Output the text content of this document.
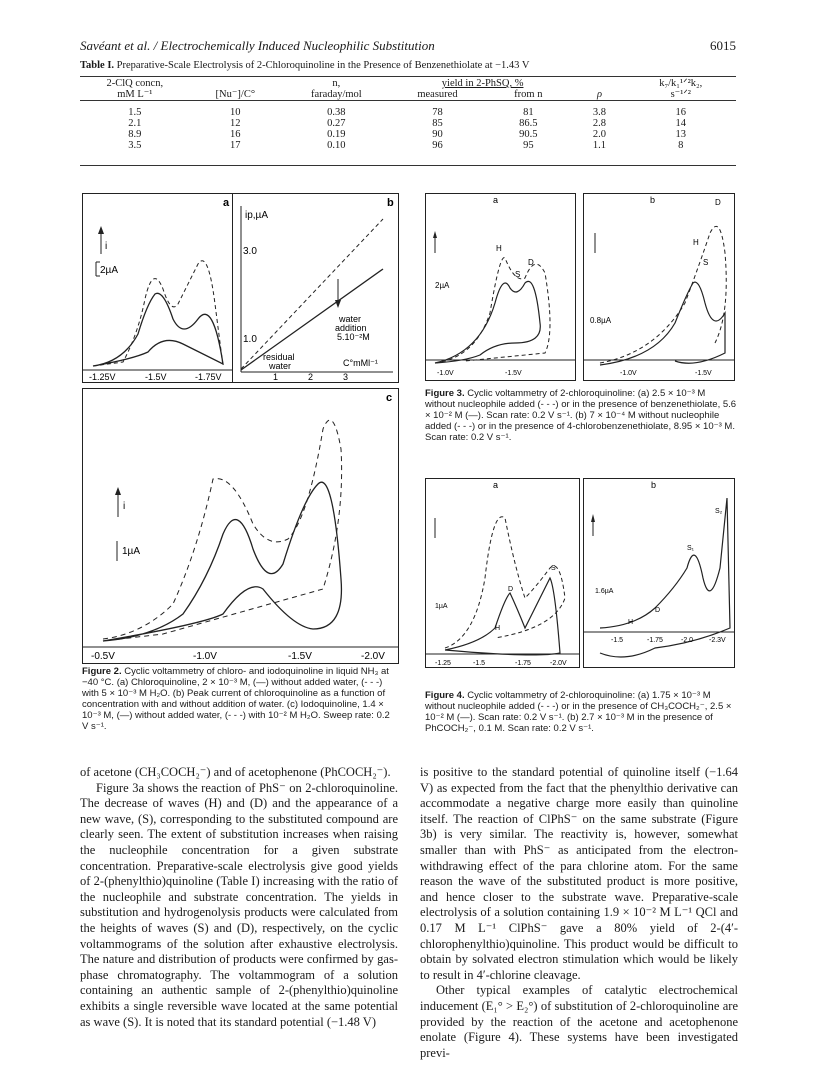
Savéant et al. / Electrochemically Induced Nucleophilic Substitution	6015
Table I. Preparative-Scale Electrolysis of 2-Chloroquinoline in the Presence of Benzenethiolate at −1.43 V
2-ClQ concn,		n,	yield in 2-PhSQ, %			k₇/k₁¹ᐟ²k₂,
mM L⁻¹	[Nu⁻]/C°	faraday/mol	measured	from n	ρ	s⁻¹ᐟ²

1.5	10	0.38	78	81	3.8	16
2.1	12	0.27	85	86.5	2.8	14
8.9	16	0.19	90	90.5	2.0	13
3.5	17	0.10	96	95	1.1	8
a
i
2µA
-1.25V	-1.5V	-1.75V
b
ip,µA
3.0
1.0
water
addition
5.10⁻²M
residual
water	C°mMl⁻¹
1	2	3
c
i
1µA
-0.5V	-1.0V	-1.5V	-2.0V
Figure 2. Cyclic voltammetry of chloro- and iodoquinoline in liquid NH₃ at −40 °C. (a) Chloroquinoline, 2 × 10⁻³ M, (—) without added water, (- - -) with 5 × 10⁻³ M H₂O. (b) Peak current of chloroquinoline as a function of concentration with and without addition of water. (c) Iodoquinoline, 1.4 × 10⁻³ M, (—) without added water, (- - -) with 10⁻² M H₂O. Sweep rate: 0.2 V s⁻¹.
a	b
2µA
H
S
D
-1.0V	-1.5V
0.8µA
H
S
D
-1.0V	-1.5V
Figure 3. Cyclic voltammetry of 2-chloroquinoline: (a) 2.5 × 10⁻³ M without nucleophile added (- - -) or in the presence of benzenethiolate, 5.6 × 10⁻² M (—). Scan rate: 0.2 V s⁻¹. (b) 7 × 10⁻⁴ M without nucleophile added (- - -) or in the presence of 4-chlorobenzenethiolate, 8.95 × 10⁻³ M. Scan rate: 0.2 V s⁻¹.
a	b
1µA
H
S
D
-1.25	-1.5	-1.75	-2.0V
1.6µA
H
S₁
S₂
D
-1.5	-1.75	-2.0 -2.3V
Figure 4. Cyclic voltammetry of 2-chloroquinoline: (a) 1.75 × 10⁻³ M without nucleophile added (- - -) or in the presence of CH₃COCH₂⁻, 2.5 × 10⁻² M (—). Scan rate: 0.2 V s⁻¹. (b) 2.7 × 10⁻³ M in the presence of PhCOCH₂⁻, 0.1 M. Scan rate: 0.2 V s⁻¹.

of acetone (CH₃COCH₂⁻) and of acetophenone (PhCOCH₂⁻).

Figure 3a shows the reaction of PhS⁻ on 2-chloroquinoline. The decrease of waves (H) and (D) and the appearance of a new wave, (S), corresponding to the substituted compound are clearly seen. The extent of substitution increases when raising the nucleophile concentration for a given substrate concentration. Preparative-scale electrolysis give good yields of 2-(phenylthio)quinoline (Table I) increasing with the ratio of the nucleophile and substrate concentration. The yields in substitution and hydrogenolysis products were calculated from the heights of waves (S) and (D), respectively, on the cyclic voltammograms of the solution after exhaustive electrolysis. The nature and distribution of products were confirmed by gas-phase chromatography. The voltammogram of a solution containing an authentic sample of 2-(phenylthio)quinoline exhibits a single reversible wave located at the same potential as wave (S). It is noted that its standard potential (−1.48 V)

is positive to the standard potential of quinoline itself (−1.64 V) as expected from the fact that the phenylthio derivative can accommodate a negative charge more easily than quinoline itself. The reaction of ClPhS⁻ on the same substrate (Figure 3b) is very similar. The reactivity is, however, somewhat smaller than with PhS⁻ as anticipated from the electron-withdrawing effect of the para chlorine atom. For the same reason the wave of the substituted product is more positive, and hence closer to the substrate wave. Preparative-scale electrolysis of a solution containing 1.9 × 10⁻² M L⁻¹ QCl and 0.17 M L⁻¹ ClPhS⁻ gave a 80% yield of 2-(4′-chlorophenylthio)quinoline. This product would be difficult to obtain by solvated electron stimulation which would be likely to result in 4′-chlorine cleavage.

Other typical examples of catalytic electrochemical inducement (E₁° > E₂°) of substitution of 2-chloroquinoline are provided by the reaction of the acetone and acetophenone enolate (Figure 4). These systems have been investigated previ-
